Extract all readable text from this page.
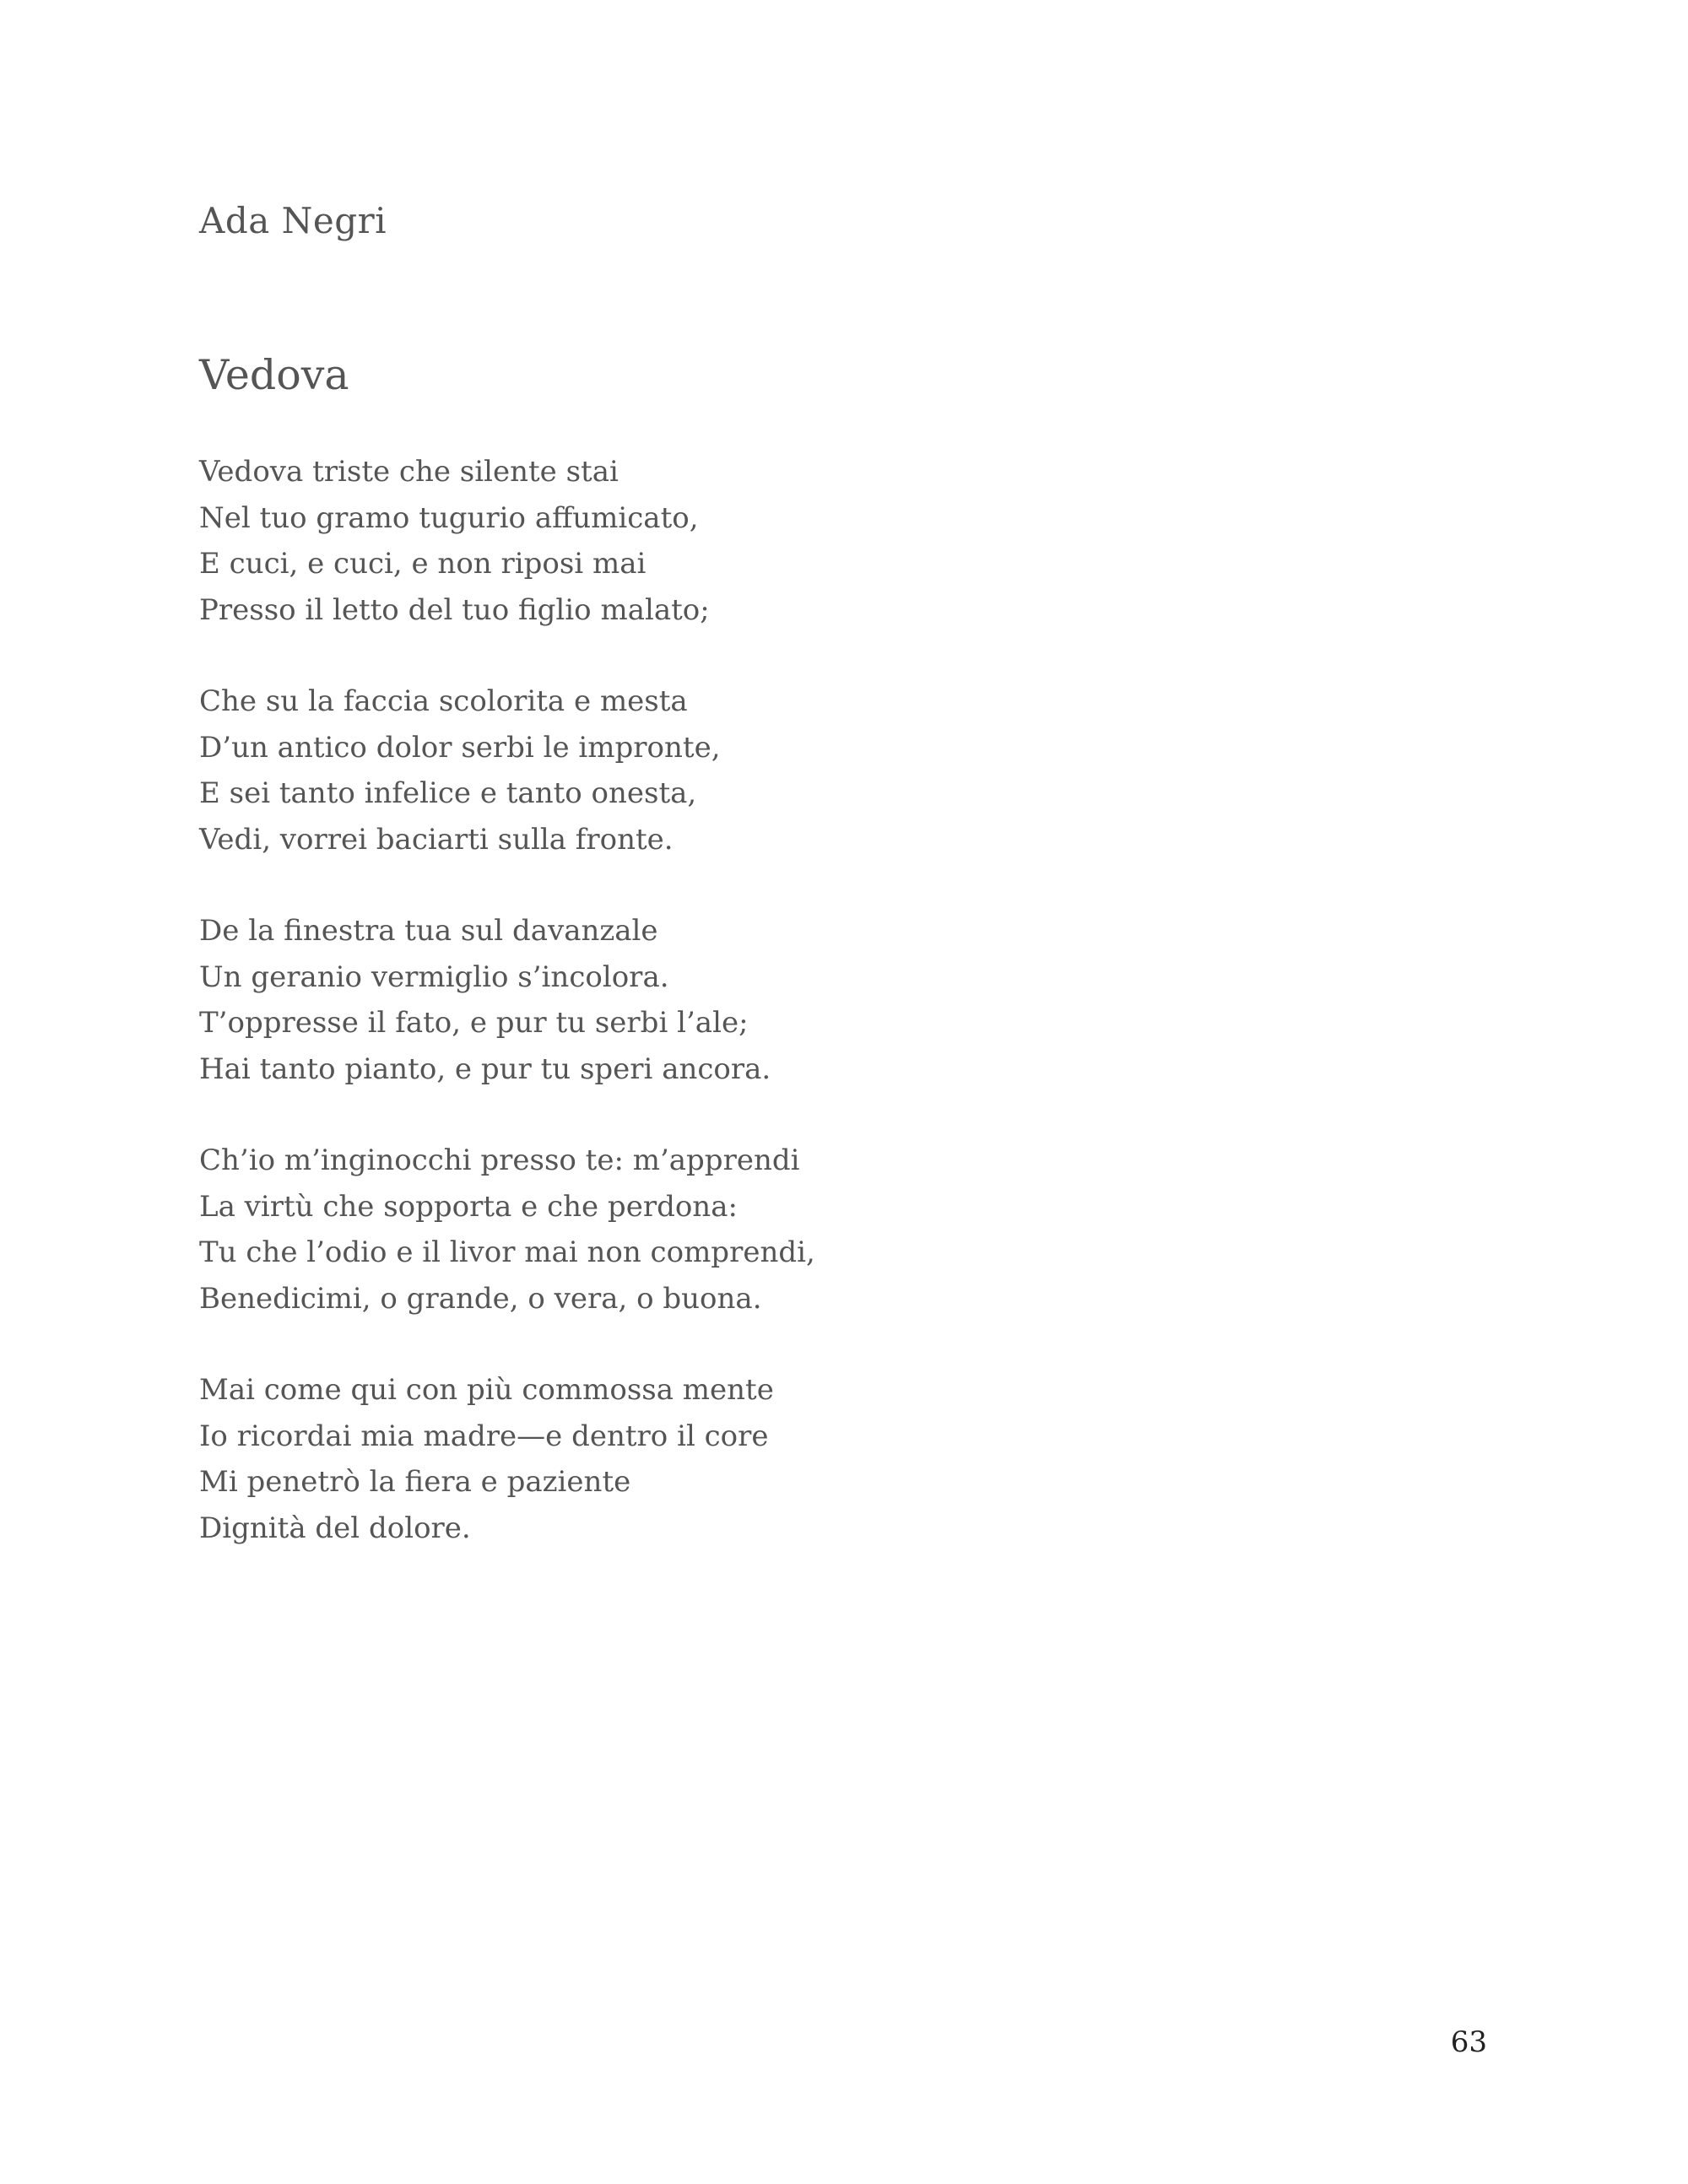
Ada Negri
Vedova
Vedova triste che silente stai
Nel tuo gramo tugurio affumicato,
E cuci, e cuci, e non riposi mai
Presso il letto del tuo figlio malato;
Che su la faccia scolorita e mesta
D’un antico dolor serbi le impronte,
E sei tanto infelice e tanto onesta,
Vedi, vorrei baciarti sulla fronte.
De la finestra tua sul davanzale
Un geranio vermiglio s’incolora.
T’oppresse il fato, e pur tu serbi l’ale;
Hai tanto pianto, e pur tu speri ancora.
Ch’io m’inginocchi presso te: m’apprendi
La virtù che sopporta e che perdona:
Tu che l’odio e il livor mai non comprendi,
Benedicimi, o grande, o vera, o buona.
Mai come qui con più commossa mente
Io ricordai mia madre—e dentro il core
Mi penetrò la fiera e paziente
Dignità del dolore.
63
